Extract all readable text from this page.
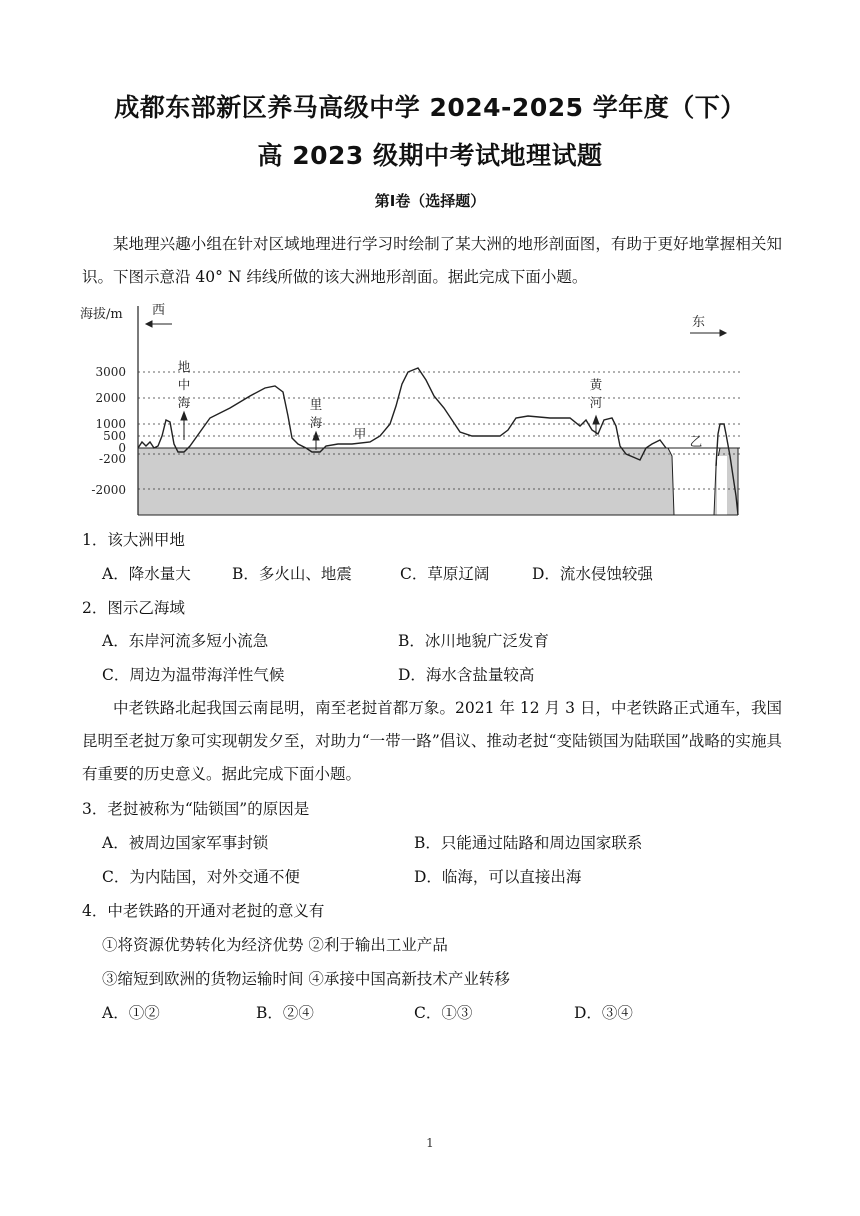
成都东部新区养马高级中学 2024-2025 学年度（下）
高 2023 级期中考试地理试题
第Ⅰ卷（选择题）
某地理兴趣小组在针对区域地理进行学习时绘制了某大洲的地形剖面图，有助于更好地掌握相关知识。下图示意沿 40° N 纬线所做的该大洲地形剖面。据此完成下面小题。
3000
2000
1000
500
0
-200
-2000
海拔/m 西
东
地
中
海	里
海
甲
黄
河
乙
1．该大洲甲地
A．降水量大	B．多火山、地震	C．草原辽阔	D．流水侵蚀较强
2．图示乙海域
A．东岸河流多短小流急	B．冰川地貌广泛发育
C．周边为温带海洋性气候	D．海水含盐量较高
中老铁路北起我国云南昆明，南至老挝首都万象。2021 年 12 月 3 日，中老铁路正式通车，我国昆明至老挝万象可实现朝发夕至，对助力“一带一路”倡议、推动老挝“变陆锁国为陆联国”战略的实施具有重要的历史意义。据此完成下面小题。
3．老挝被称为“陆锁国”的原因是
A．被周边国家军事封锁	B．只能通过陆路和周边国家联系
C．为内陆国，对外交通不便	D．临海，可以直接出海
4．中老铁路的开通对老挝的意义有
①将资源优势转化为经济优势 ②利于输出工业产品
③缩短到欧洲的货物运输时间 ④承接中国高新技术产业转移
A．①②	B．②④	C．①③	D．③④
1
